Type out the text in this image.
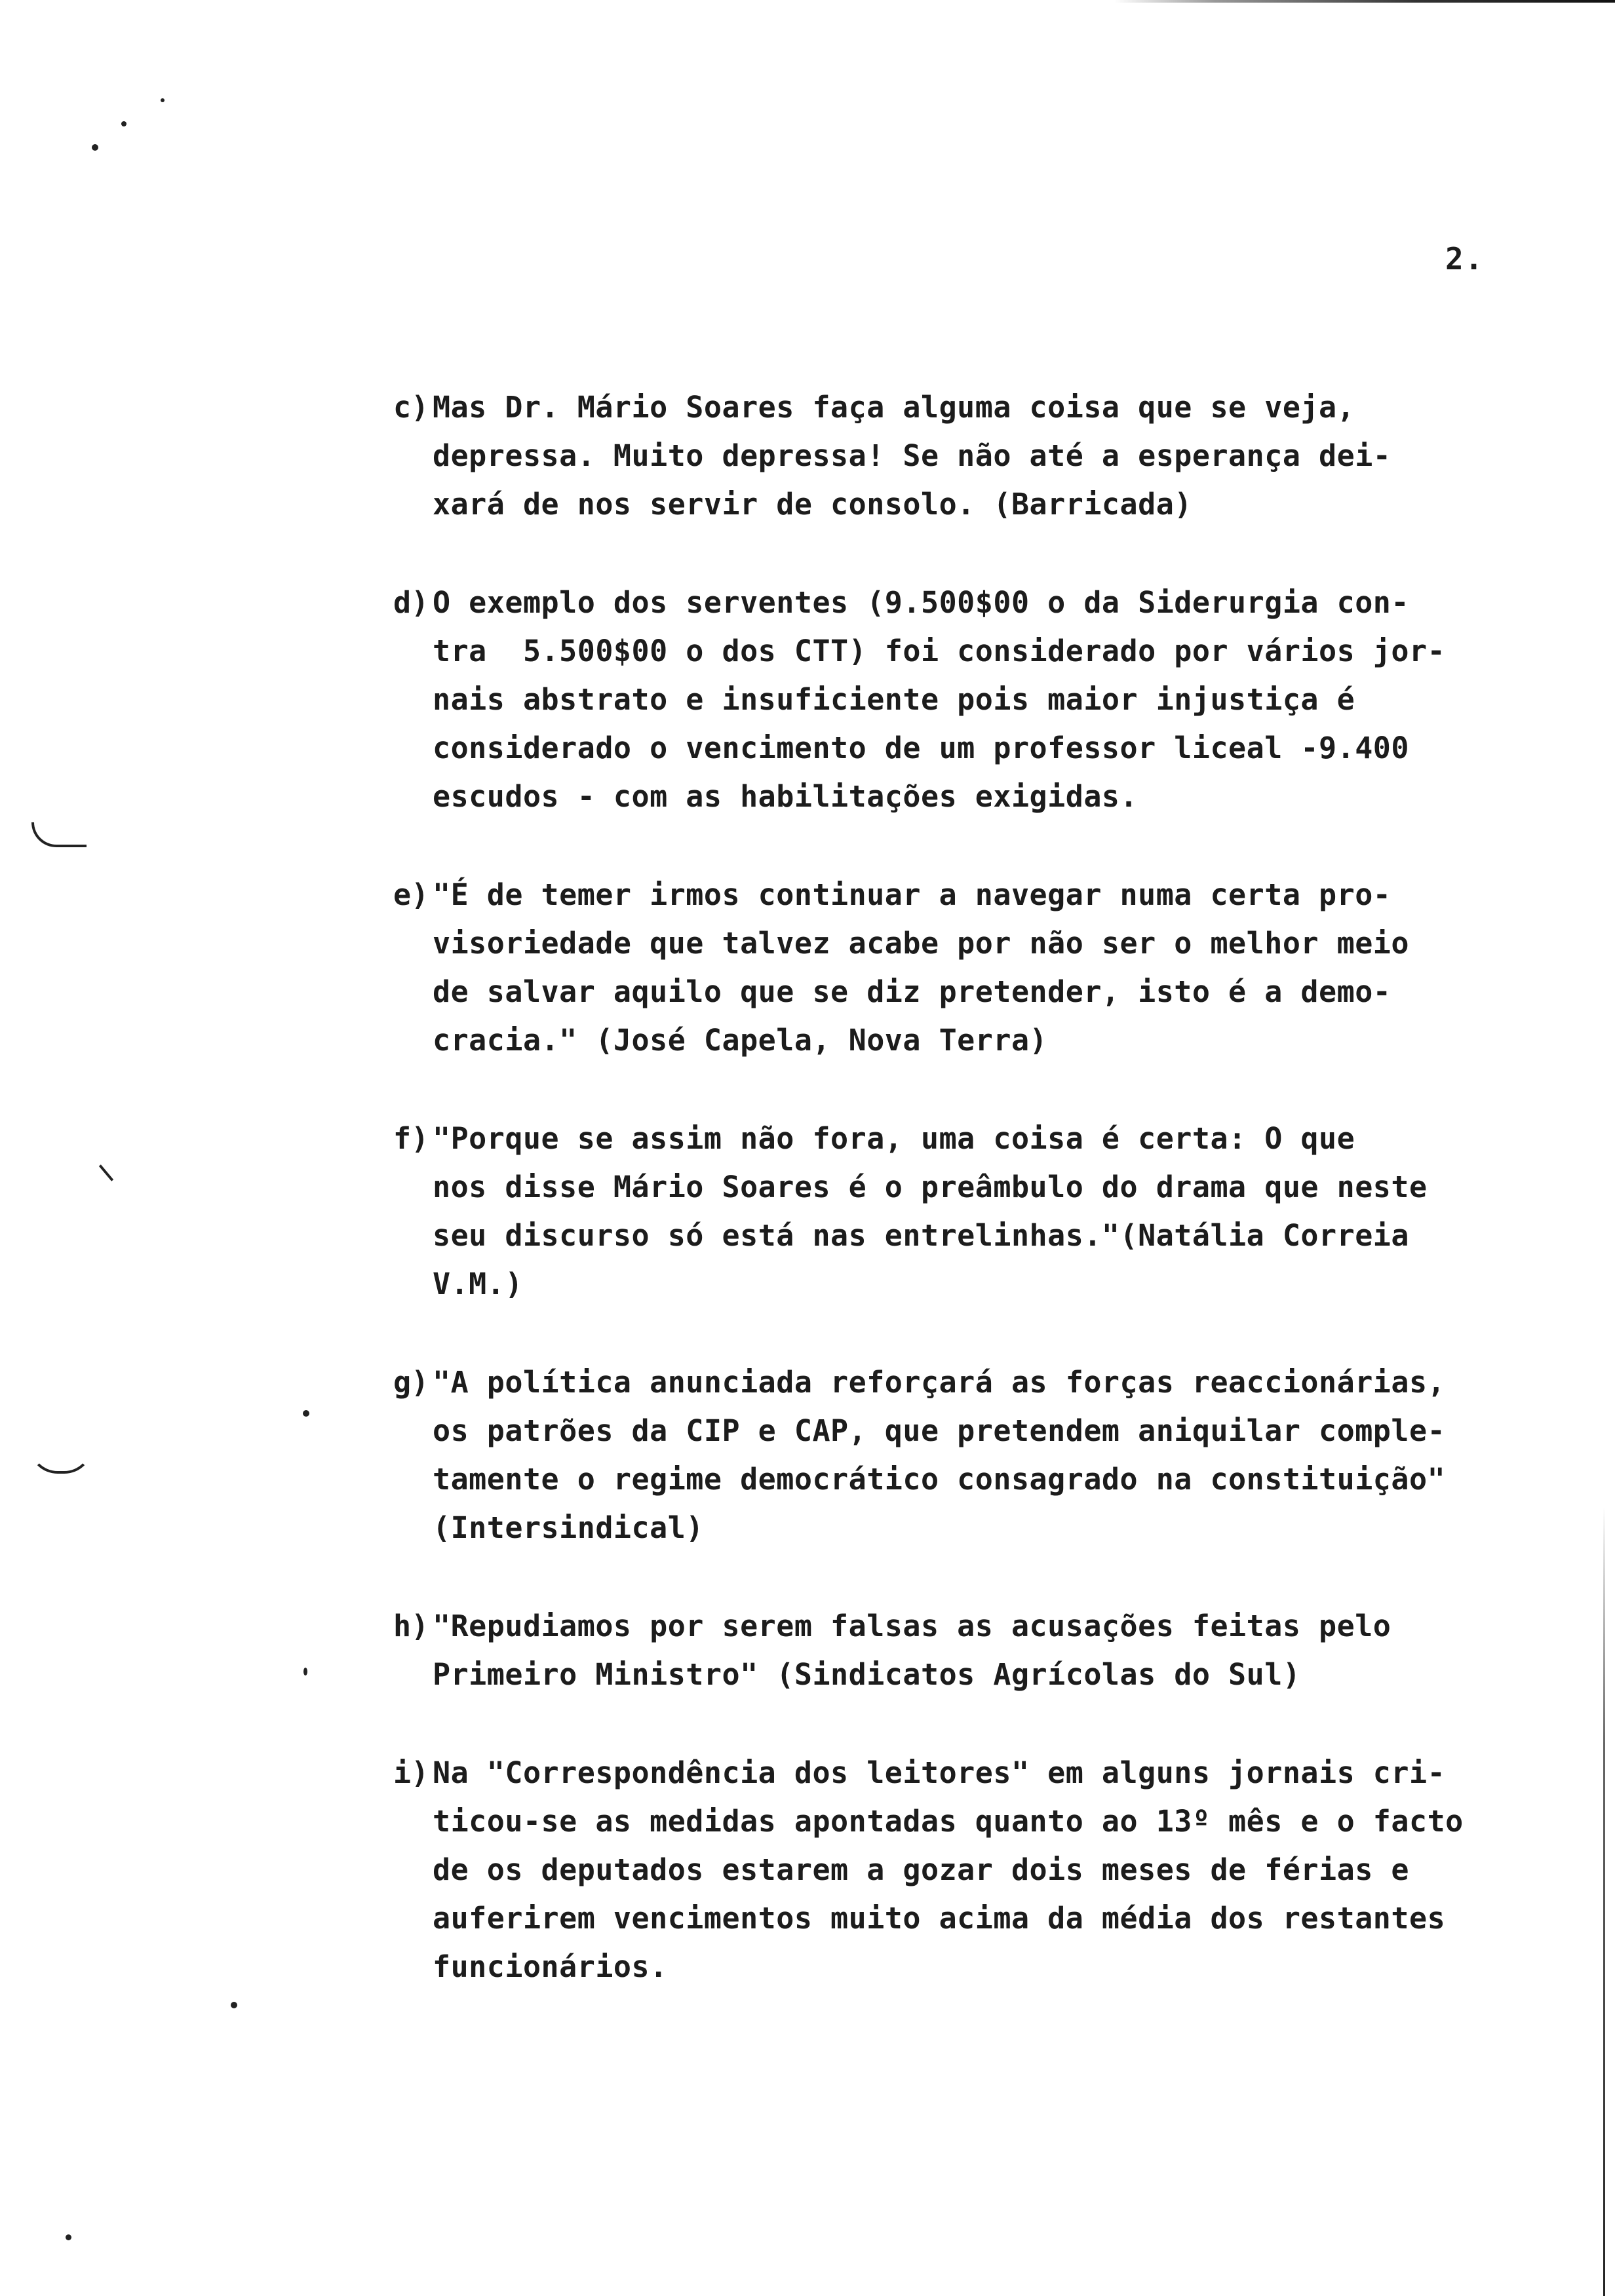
2.
c) Mas Dr. Mário Soares faça alguma coisa que se veja,
depressa. Muito depressa! Se não até a esperança dei-
xará de nos servir de consolo. (Barricada)
d) O exemplo dos serventes (9.500$00 o da Siderurgia con-
tra  5.500$00 o dos CTT) foi considerado por vários jor-
nais abstrato e insuficiente pois maior injustiça é
considerado o vencimento de um professor liceal -9.400
escudos - com as habilitações exigidas.
e) "É de temer irmos continuar a navegar numa certa pro-
visoriedade que talvez acabe por não ser o melhor meio
de salvar aquilo que se diz pretender, isto é a demo-
cracia." (José Capela, Nova Terra)
f) "Porque se assim não fora, uma coisa é certa: O que
nos disse Mário Soares é o preâmbulo do drama que neste
seu discurso só está nas entrelinhas."(Natália Correia
V.M.)
g) "A política anunciada reforçará as forças reaccionárias,
os patrões da CIP e CAP, que pretendem aniquilar comple-
tamente o regime democrático consagrado na constituição"
(Intersindical)
h) "Repudiamos por serem falsas as acusações feitas pelo
Primeiro Ministro" (Sindicatos Agrícolas do Sul)
i) Na "Correspondência dos leitores" em alguns jornais cri-
ticou-se as medidas apontadas quanto ao 13º mês e o facto
de os deputados estarem a gozar dois meses de férias e
auferirem vencimentos muito acima da média dos restantes
funcionários.
